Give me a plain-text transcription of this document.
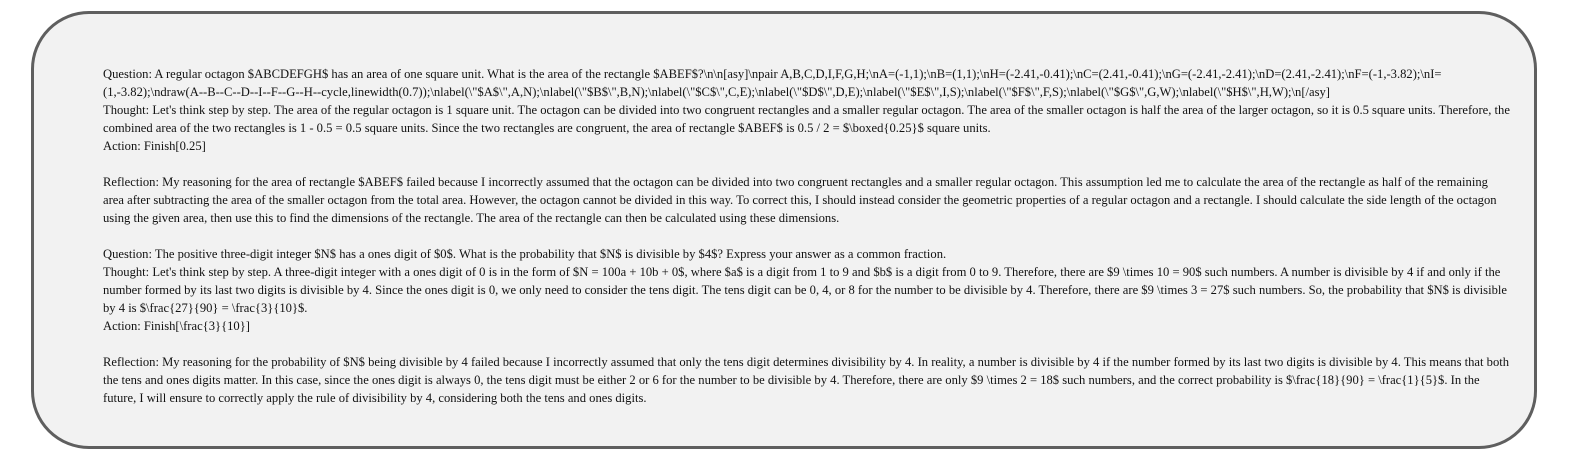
Question: A regular octagon $ABCDEFGH$ has an area of one square unit. What is the area of the rectangle $ABEF$?\n\n[asy]\npair A,B,C,D,I,F,G,H;\nA=(-1,1);\nB=(1,1);\nH=(-2.41,-0.41);\nC=(2.41,-0.41);\nG=(-2.41,-2.41);\nD=(2.41,-2.41);\nF=(-1,-3.82);\nI=(1,-3.82);\ndraw(A--B--C--D--I--F--G--H--cycle,linewidth(0.7));\nlabel(\"$A$\",A,N);\nlabel(\"$B$\",B,N);\nlabel(\"$C$\",C,E);\nlabel(\"$D$\",D,E);\nlabel(\"$E$\",I,S);\nlabel(\"$F$\",F,S);\nlabel(\"$G$\",G,W);\nlabel(\"$H$\",H,W);\n[/asy]
Thought: Let's think step by step. The area of the regular octagon is 1 square unit. The octagon can be divided into two congruent rectangles and a smaller regular octagon. The area of the smaller octagon is half the area of the larger octagon, so it is 0.5 square units. Therefore, the combined area of the two rectangles is 1 - 0.5 = 0.5 square units. Since the two rectangles are congruent, the area of rectangle $ABEF$ is 0.5 / 2 = $\boxed{0.25}$ square units.
Action: Finish[0.25]
Reflection: My reasoning for the area of rectangle $ABEF$ failed because I incorrectly assumed that the octagon can be divided into two congruent rectangles and a smaller regular octagon. This assumption led me to calculate the area of the rectangle as half of the remaining area after subtracting the area of the smaller octagon from the total area. However, the octagon cannot be divided in this way. To correct this, I should instead consider the geometric properties of a regular octagon and a rectangle. I should calculate the side length of the octagon using the given area, then use this to find the dimensions of the rectangle. The area of the rectangle can then be calculated using these dimensions.
Question: The positive three-digit integer $N$ has a ones digit of $0$. What is the probability that $N$ is divisible by $4$? Express your answer as a common fraction.
Thought: Let's think step by step. A three-digit integer with a ones digit of 0 is in the form of $N = 100a + 10b + 0$, where $a$ is a digit from 1 to 9 and $b$ is a digit from 0 to 9. Therefore, there are $9 \times 10 = 90$ such numbers. A number is divisible by 4 if and only if the number formed by its last two digits is divisible by 4. Since the ones digit is 0, we only need to consider the tens digit. The tens digit can be 0, 4, or 8 for the number to be divisible by 4. Therefore, there are $9 \times 3 = 27$ such numbers. So, the probability that $N$ is divisible by 4 is $\frac{27}{90} = \frac{3}{10}$.
Action: Finish[\frac{3}{10}]
Reflection: My reasoning for the probability of $N$ being divisible by 4 failed because I incorrectly assumed that only the tens digit determines divisibility by 4. In reality, a number is divisible by 4 if the number formed by its last two digits is divisible by 4. This means that both the tens and ones digits matter. In this case, since the ones digit is always 0, the tens digit must be either 2 or 6 for the number to be divisible by 4. Therefore, there are only $9 \times 2 = 18$ such numbers, and the correct probability is $\frac{18}{90} = \frac{1}{5}$. In the future, I will ensure to correctly apply the rule of divisibility by 4, considering both the tens and ones digits.
